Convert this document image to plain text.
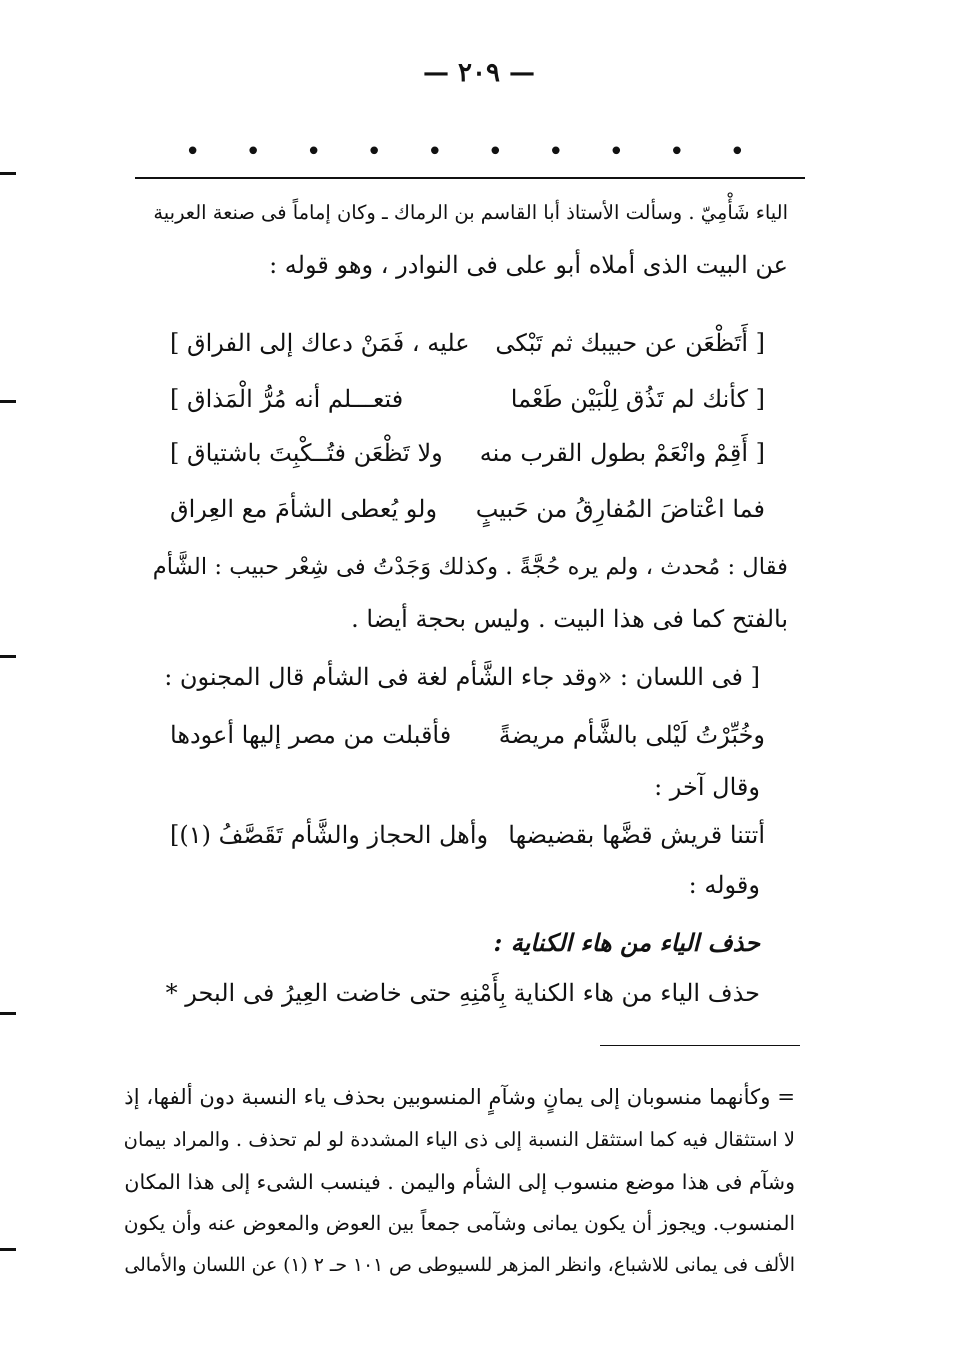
— ٢٠٩ —
• • • • • • • • • •
الياء شَأْمِيّ . وسألت الأستاذ أبا القاسم بن الرماك ـ وكان إماماً فى صنعة العربية
عن البيت الذى أملاه أبو على فى النوادر ، وهو قوله :
[ أَتَظْعَن عن حبيبك ثم تَبْكى
عليه ، فَمَنْ دعاك إلى الفراق ]
[ كأنك لم تَذُق لِلْبَيْن طَعْما
فتعـــلم أنه مُرُّ الْمَذاق ]
[ أَقِمْ وانْعَمْ بطول القرب منه
ولا تَظْعَن فتُــكْبِتَ باشتياق ]
فما اعْتاضَ المُفارِقُ من حَبيبٍ
ولو يُعطى الشأمَ مع العِراق
فقال : مُحدث ، ولم يره حُجَّةً . وكذلك وَجَدْتُ فى شِعْر حبيب : الشَّأم
بالفتح كما فى هذا البيت . وليس بحجة أيضا .
[ فى اللسان : «وقد جاء الشَّأم لغة فى الشأم قال المجنون :
وخُبِّرْتُ لَيْلى بالشَّأم مريضةً
فأقبلت من مصر إليها أعودها
وقال آخر :
أتتنا قريش قضَّها بقضيضها
وأهل الحجاز والشَّأم تَقَصَّفُ (١)]
وقوله :
حذف الياء من هاء الكناية :
حذف الياء من هاء الكناية بِأَمْنِهِ حتى خاضت العِيرُ فى البحر *
= وكأنهما منسوبان إلى يمانٍ وشآمٍ المنسوبين بحذف ياء النسبة دون ألفها، إذ
لا استثقال فيه كما استثقل النسبة إلى ذى الياء المشددة لو لم تحذف . والمراد بيمان
وشآم فى هذا موضع منسوب إلى الشأم واليمن . فينسب الشىء إلى هذا المكان
المنسوب. ويجوز أن يكون يمانى وشآمى جمعاً بين العوض والمعوض عنه وأن يكون
الألف فى يمانى للاشباع، وانظر المزهر للسيوطى ص ١٠١ حـ ٢ (١) عن اللسان والأمالى
